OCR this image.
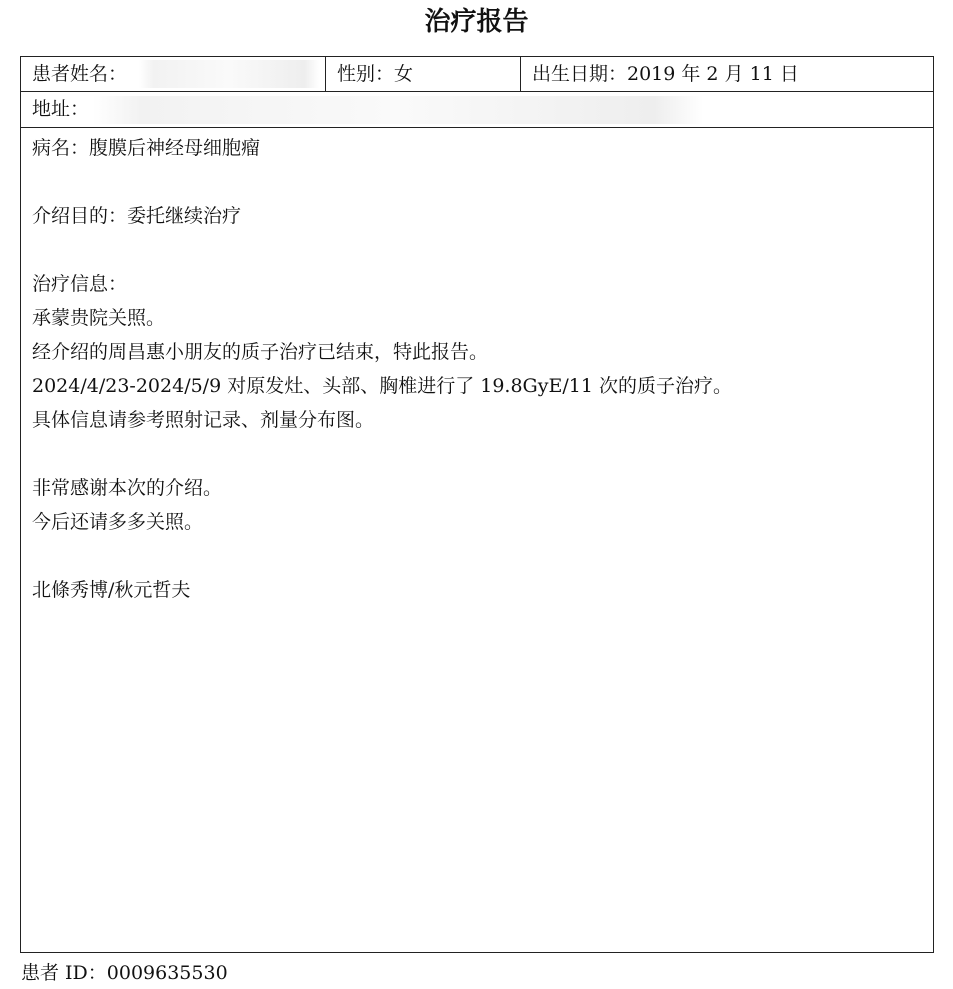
治疗报告
患者姓名：	性别：女	出生日期：2019 年 2 月 11 日
地址：
病名：腹膜后神经母细胞瘤
介绍目的：委托继续治疗
治疗信息：
承蒙贵院关照。
经介绍的周昌惠小朋友的质子治疗已结束，特此报告。
2024/4/23-2024/5/9 对原发灶、头部、胸椎进行了 19.8GyE/11 次的质子治疗。
具体信息请参考照射记录、剂量分布图。
非常感谢本次的介绍。
今后还请多多关照。
北條秀博/秋元哲夫
患者 ID：0009635530
